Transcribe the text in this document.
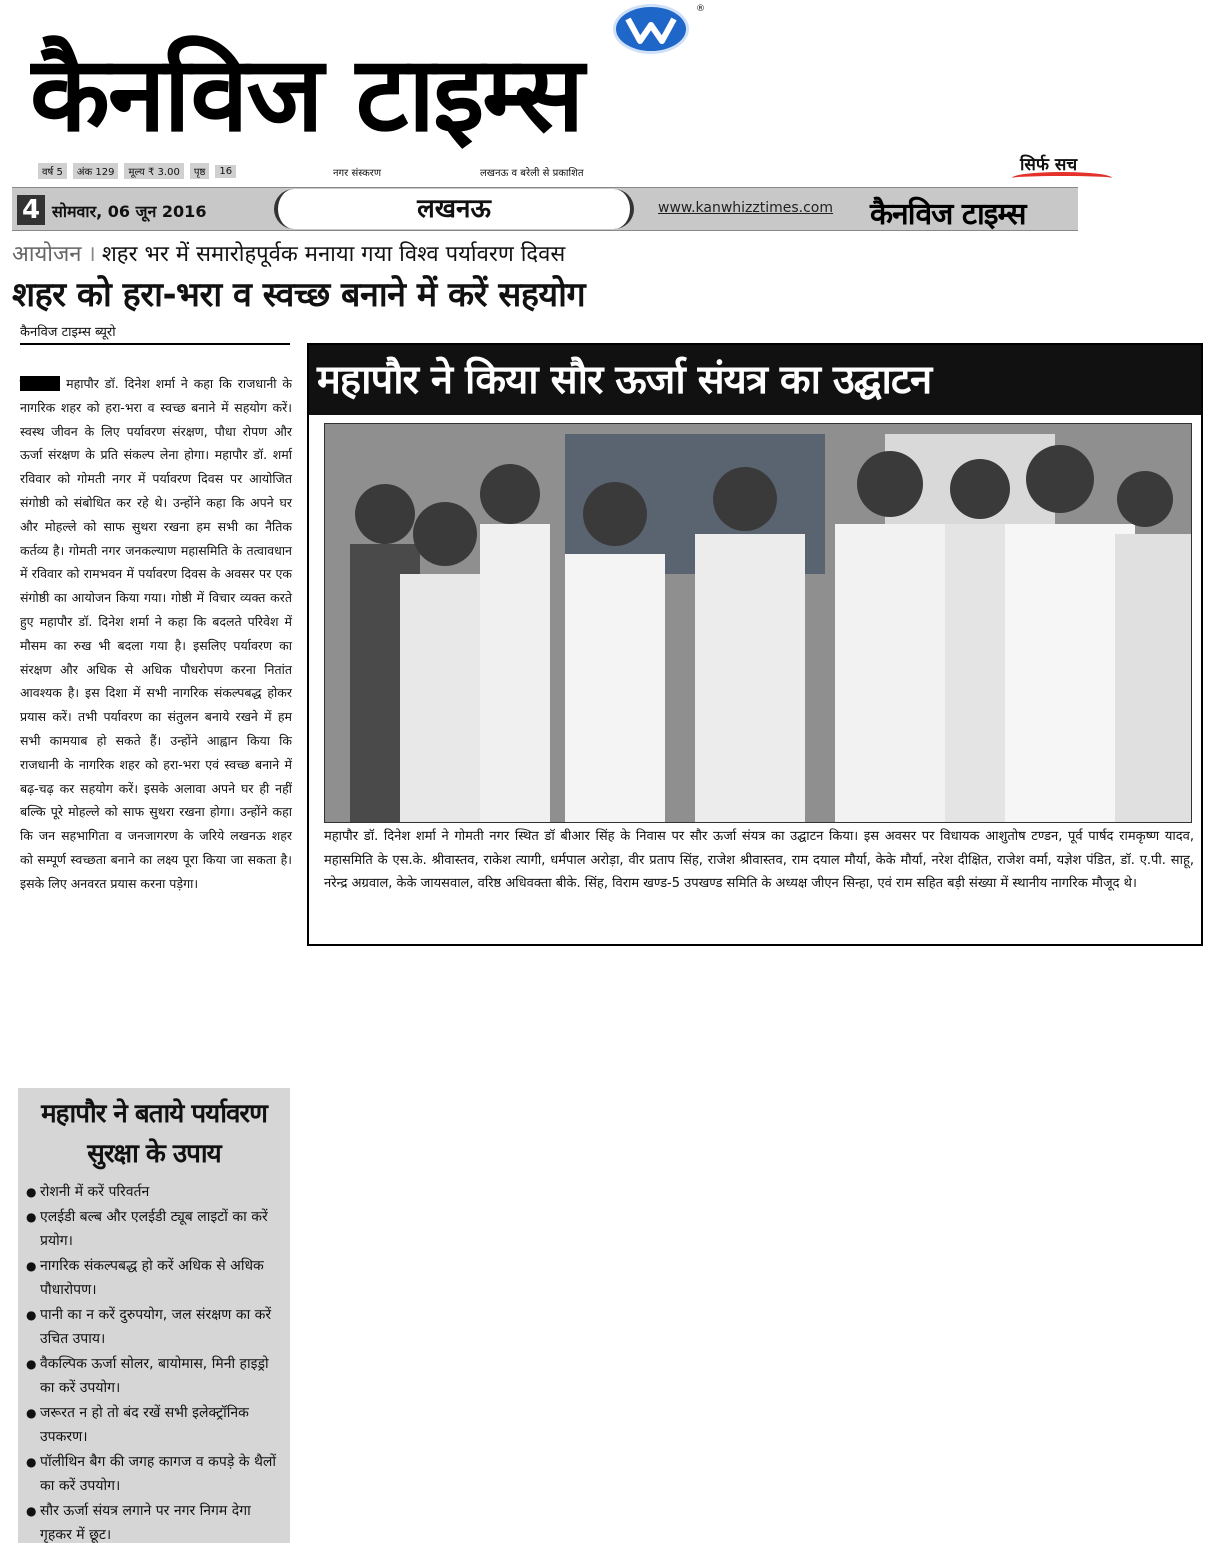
®
कैनविज टाइम्स
सिर्फ सच
वर्ष 5	अंक 129	मूल्य ₹ 3.00	पृष्ठ	16	नगर संस्करण	लखनऊ व बरेली से प्रकाशित
4 सोमवार, 06 जून 2016	लखनऊ	www.kanwhizztimes.com कैनविज टाइम्स
आयोजन । शहर भर में समारोहपूर्वक मनाया गया विश्व पर्यावरण दिवस
शहर को हरा-भरा व स्वच्छ बनाने में करें सहयोग
कैनविज टाइम्स ब्यूरो
लखनऊ। महापौर डॉ. दिनेश शर्मा ने कहा कि राजधानी के नागरिक शहर को हरा-भरा व स्वच्छ बनाने में सहयोग करें। स्वस्थ जीवन के लिए पर्यावरण संरक्षण, पौधा रोपण और ऊर्जा संरक्षण के प्रति संकल्प लेना होगा। महापौर डॉ. शर्मा रविवार को गोमती नगर में पर्यावरण दिवस पर आयोजित संगोष्ठी को संबोधित कर रहे थे। उन्होंने कहा कि अपने घर और मोहल्ले को साफ सुथरा रखना हम सभी का नैतिक कर्तव्य है। गोमती नगर जनकल्याण महासमिति के तत्वावधान में रविवार को रामभवन में पर्यावरण दिवस के अवसर पर एक संगोष्ठी का आयोजन किया गया। गोष्ठी में विचार व्यक्त करते हुए महापौर डॉ. दिनेश शर्मा ने कहा कि बदलते परिवेश में मौसम का रुख भी बदला गया है। इसलिए पर्यावरण का संरक्षण और अधिक से अधिक पौधरोपण करना नितांत आवश्यक है। इस दिशा में सभी नागरिक संकल्पबद्ध होकर प्रयास करें। तभी पर्यावरण का संतुलन बनाये रखने में हम सभी कामयाब हो सकते हैं। उन्होंने आह्वान किया कि राजधानी के नागरिक शहर को हरा-भरा एवं स्वच्छ बनाने में बढ़-चढ़ कर सहयोग करें। इसके अलावा अपने घर ही नहीं बल्कि पूरे मोहल्ले को साफ सुथरा रखना होगा। उन्होंने कहा कि जन सहभागिता व जनजागरण के जरिये लखनऊ शहर को सम्पूर्ण स्वच्छता बनाने का लक्ष्य पूरा किया जा सकता है। इसके लिए अनवरत प्रयास करना पड़ेगा।
महापौर ने बताये पर्यावरण
सुरक्षा के उपाय
● रोशनी में करें परिवर्तन
● एलईडी बल्ब और एलईडी ट्यूब लाइटों का करें प्रयोग।
● नागरिक संकल्पबद्ध हो करें अधिक से अधिक पौधारोपण।
● पानी का न करें दुरुपयोग, जल संरक्षण का करें उचित उपाय।
● वैकल्पिक ऊर्जा सोलर, बायोमास, मिनी हाइड्रो का करें उपयोग।
● जरूरत न हो तो बंद रखें सभी इलेक्ट्रॉनिक उपकरण।
● पॉलीथिन बैग की जगह कागज व कपड़े के थैलों का करें उपयोग।
● सौर ऊर्जा संयत्र लगाने पर नगर निगम देगा गृहकर में छूट।
महापौर ने किया सौर ऊर्जा संयत्र का उद्घाटन
महापौर डॉ. दिनेश शर्मा ने गोमती नगर स्थित डॉ बीआर सिंह के निवास पर सौर ऊर्जा संयत्र का उद्घाटन किया। इस अवसर पर विधायक आशुतोष टण्डन, पूर्व पार्षद रामकृष्ण यादव, महासमिति के एस.के. श्रीवास्तव, राकेश त्यागी, धर्मपाल अरोड़ा, वीर प्रताप सिंह, राजेश श्रीवास्तव, राम दयाल मौर्या, केके मौर्या, नरेश दीक्षित, राजेश वर्मा, यज्ञेश पंडित, डॉ. ए.पी. साहू, नरेन्द्र अग्रवाल, केके जायसवाल, वरिष्ठ अधिवक्ता बीके. सिंह, विराम खण्ड-5 उपखण्ड समिति के अध्यक्ष जीएन सिन्हा, एवं राम सहित बड़ी संख्या में स्थानीय नागरिक मौजूद थे।
